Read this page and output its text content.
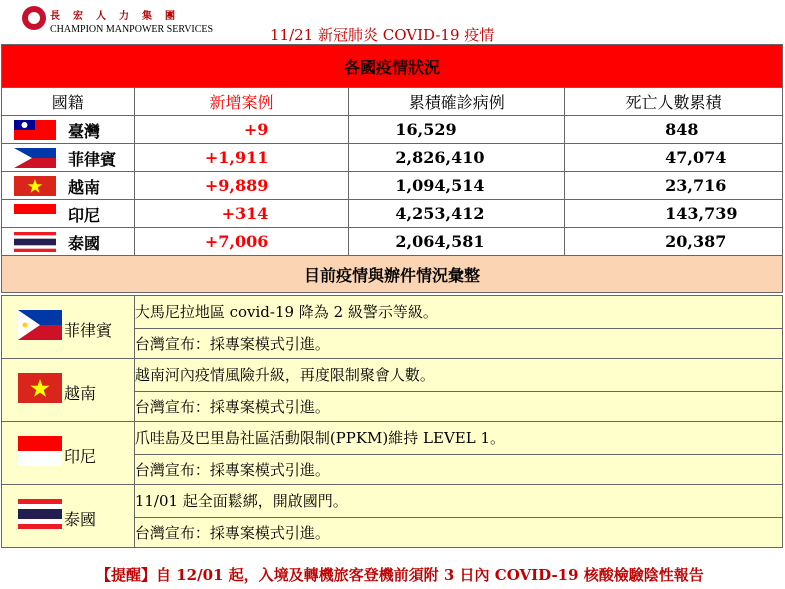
長宏人力集團
CHAMPION MANPOWER SERVICES	11/21 新冠肺炎 COVID-19 疫情
各國疫情狀況			
國籍	新增案例	累積確診病例	死亡人數累積

臺灣	+9	16,529	848

菲律賓	+1,911	2,826,410	47,074

越南	+9,889	1,094,514	23,716

印尼	+314	4,253,412	143,739

泰國	+7,006	2,064,581	20,387
目前疫情與辦件情況彙整			
菲律賓	大馬尼拉地區 covid-19 降為 2 級警示等級。
	台灣宣布：採專案模式引進。

越南	越南河內疫情風險升級，再度限制聚會人數。
	台灣宣布：採專案模式引進。

印尼	爪哇島及巴里島社區活動限制(PPKM)維持 LEVEL 1。
	台灣宣布：採專案模式引進。

泰國	11/01 起全面鬆綁，開啟國門。
	台灣宣布：採專案模式引進。
【提醒】自 12/01 起，入境及轉機旅客登機前須附 3 日內 COVID-19 核酸檢驗陰性報告
